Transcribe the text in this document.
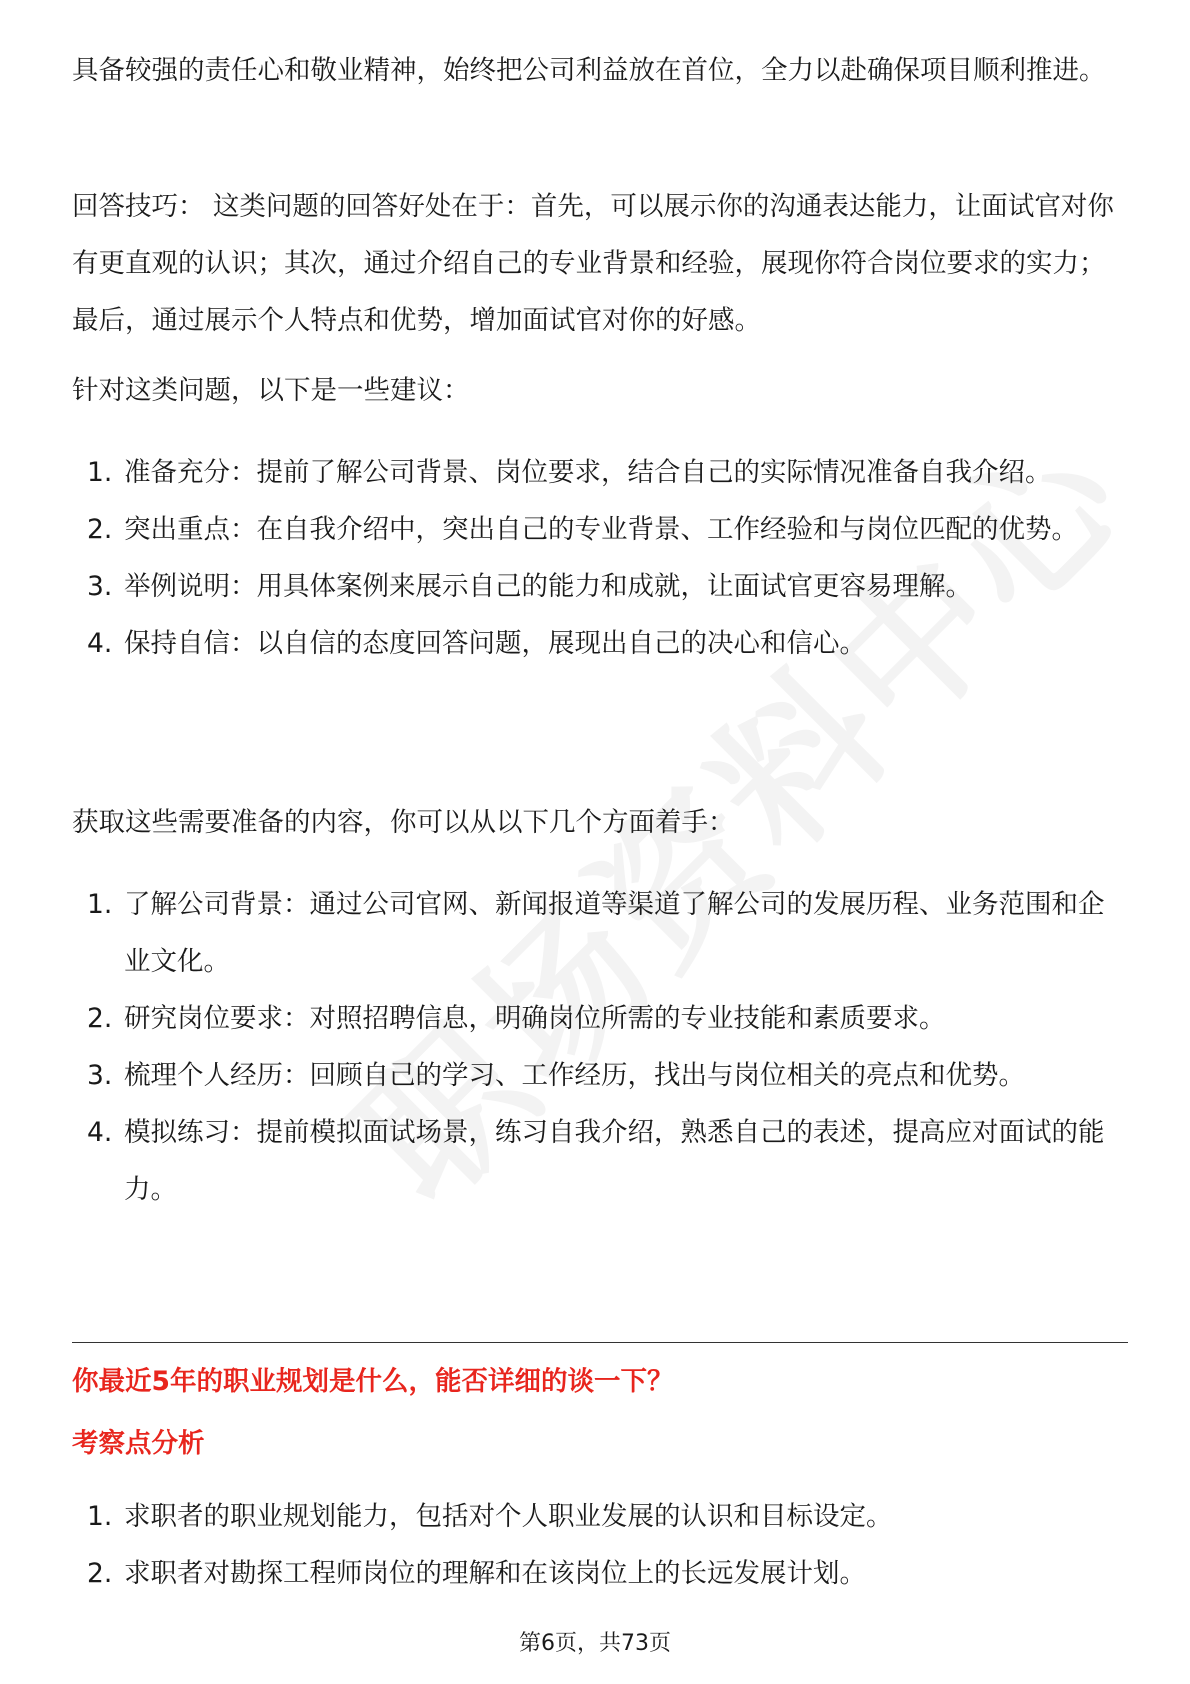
具备较强的责任心和敬业精神，始终把公司利益放在首位，全力以赴确保项目顺利推进。

回答技巧： 这类问题的回答好处在于：首先，可以展示你的沟通表达能力，让面试官对你有更直观的认识；其次，通过介绍自己的专业背景和经验，展现你符合岗位要求的实力；最后，通过展示个人特点和优势，增加面试官对你的好感。

针对这类问题，以下是一些建议：

1. 准备充分：提前了解公司背景、岗位要求，结合自己的实际情况准备自我介绍。
2. 突出重点：在自我介绍中，突出自己的专业背景、工作经验和与岗位匹配的优势。
3. 举例说明：用具体案例来展示自己的能力和成就，让面试官更容易理解。
4. 保持自信：以自信的态度回答问题，展现出自己的决心和信心。

获取这些需要准备的内容，你可以从以下几个方面着手：

1. 了解公司背景：通过公司官网、新闻报道等渠道了解公司的发展历程、业务范围和企业文化。
2. 研究岗位要求：对照招聘信息，明确岗位所需的专业技能和素质要求。
3. 梳理个人经历：回顾自己的学习、工作经历，找出与岗位相关的亮点和优势。
4. 模拟练习：提前模拟面试场景，练习自我介绍，熟悉自己的表述，提高应对面试的能力。
你最近5年的职业规划是什么，能否详细的谈一下？
考察点分析
1. 求职者的职业规划能力，包括对个人职业发展的认识和目标设定。
2. 求职者对勘探工程师岗位的理解和在该岗位上的长远发展计划。
第6页，共73页
